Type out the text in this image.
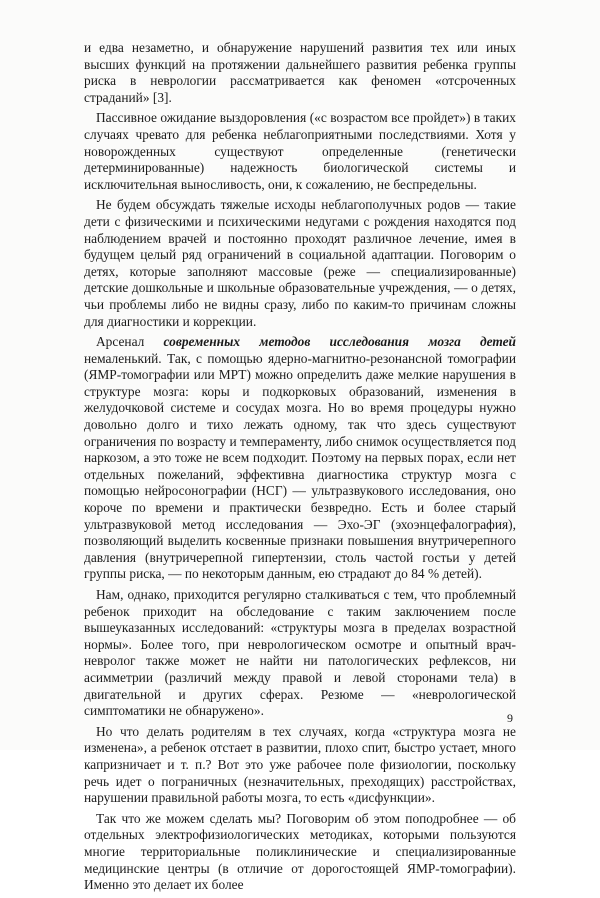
и едва незаметно, и обнаружение нарушений развития тех или иных высших функций на протяжении дальнейшего развития ребенка группы риска в неврологии рассматривается как феномен «отсроченных страданий» [3].

Пассивное ожидание выздоровления («с возрастом все пройдет») в таких случаях чревато для ребенка неблагоприятными последствиями. Хотя у новорожденных существуют определенные (генетически детерминированные) надежность биологической системы и исключительная выносливость, они, к сожалению, не беспредельны.

Не будем обсуждать тяжелые исходы неблагополучных родов — такие дети с физическими и психическими недугами с рождения находятся под наблюдением врачей и постоянно проходят различное лечение, имея в будущем целый ряд ограничений в социальной адаптации. Поговорим о детях, которые заполняют массовые (реже — специализированные) детские дошкольные и школьные образовательные учреждения, — о детях, чьи проблемы либо не видны сразу, либо по каким-то причинам сложны для диагностики и коррекции.

Арсенал современных методов исследования мозга детей немаленький. Так, с помощью ядерно-магнитно-резонансной томографии (ЯМР-томографии или МРТ) можно определить даже мелкие нарушения в структуре мозга: коры и подкорковых образований, изменения в желудочковой системе и сосудах мозга. Но во время процедуры нужно довольно долго и тихо лежать одному, так что здесь существуют ограничения по возрасту и темпераменту, либо снимок осуществляется под наркозом, а это тоже не всем подходит. Поэтому на первых порах, если нет отдельных пожеланий, эффективна диагностика структур мозга с помощью нейросонографии (НСГ) — ультразвукового исследования, оно короче по времени и практически безвредно. Есть и более старый ультразвуковой метод исследования — Эхо-ЭГ (эхоэнцефалография), позволяющий выделить косвенные признаки повышения внутричерепного давления (внутричерепной гипертензии, столь частой гостьи у детей группы риска, — по некоторым данным, ею страдают до 84 % детей).

Нам, однако, приходится регулярно сталкиваться с тем, что проблемный ребенок приходит на обследование с таким заключением после вышеуказанных исследований: «структуры мозга в пределах возрастной нормы». Более того, при неврологическом осмотре и опытный врач-невролог также может не найти ни патологических рефлексов, ни асимметрии (различий между правой и левой сторонами тела) в двигательной и других сферах. Резюме — «неврологической симптоматики не обнаружено».

Но что делать родителям в тех случаях, когда «структура мозга не изменена», а ребенок отстает в развитии, плохо спит, быстро устает, много капризничает и т. п.? Вот это уже рабочее поле физиологии, поскольку речь идет о пограничных (незначительных, преходящих) расстройствах, нарушении правильной работы мозга, то есть «дисфункции».

Так что же можем сделать мы? Поговорим об этом поподробнее — об отдельных электрофизиологических методиках, которыми пользуются многие территориальные поликлинические и специализированные медицинские центры (в отличие от дорогостоящей ЯМР-томографии). Именно это делает их более

9
